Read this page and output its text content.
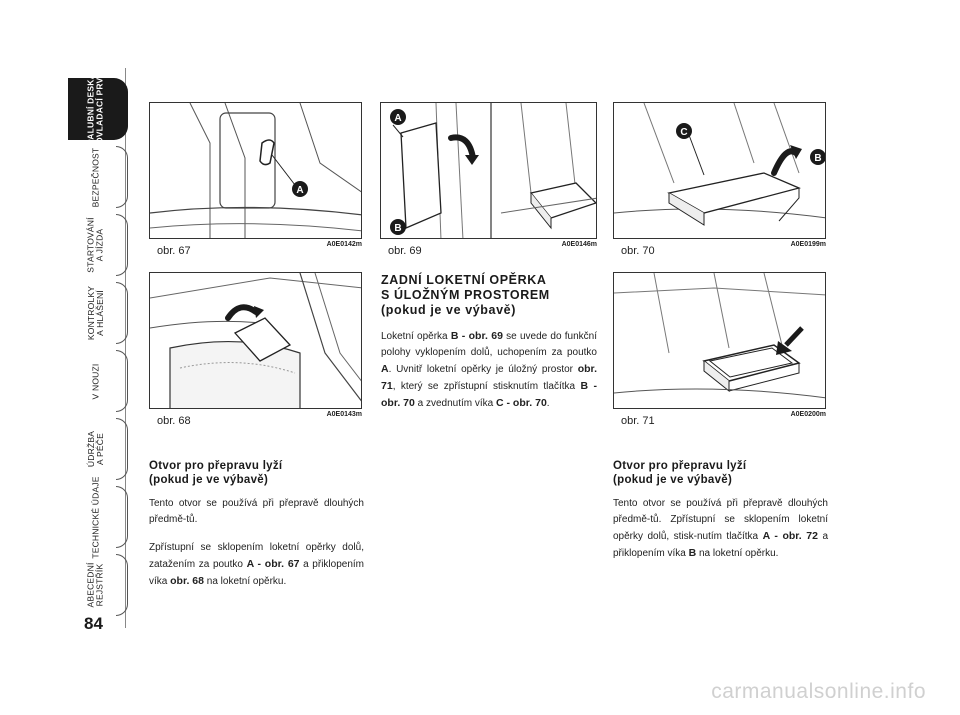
PALUBNÍ DESKA
A OVLADACÍ PRVKY
BEZPEČNOST
STARTOVÁNÍ
A JÍZDA
KONTROLKY
A HLÁŠENÍ
V NOUZI
ÚDRŽBA
A PÉČE
TECHNICKÉ ÚDAJE
ABECEDNÍ
REJSTŘÍK
84
A
A0E0142m
obr. 67
A0E0143m
obr. 68
A
B
A0E0146m
obr. 69
C
B
A0E0199m
obr. 70
A0E0200m
obr. 71
Otvor pro přepravu lyží
(pokud je ve výbavě)
Tento otvor se používá při přepravě dlouhých předmě-tů.
Zpřístupní se sklopením loketní opěrky dolů, zatažením za poutko A - obr. 67 a přiklopením víka obr. 68 na loketní opěrku.
ZADNÍ LOKETNÍ OPĚRKA
S ÚLOŽNÝM PROSTOREM
(pokud je ve výbavě)
Loketní opěrka B - obr. 69 se uvede do funkční polohy vyklopením dolů, uchopením za poutko A. Uvnitř loketní opěrky je úložný prostor obr. 71, který se zpřístupní stisknutím tlačítka B - obr. 70 a zvednutím víka C - obr. 70.
Otvor pro přepravu lyží
(pokud je ve výbavě)
Tento otvor se používá při přepravě dlouhých předmě-tů. Zpřístupní se sklopením loketní opěrky dolů, stisk-nutím tlačítka A - obr. 72 a přiklopením víka B na loketní opěrku.
carmanualsonline.info
